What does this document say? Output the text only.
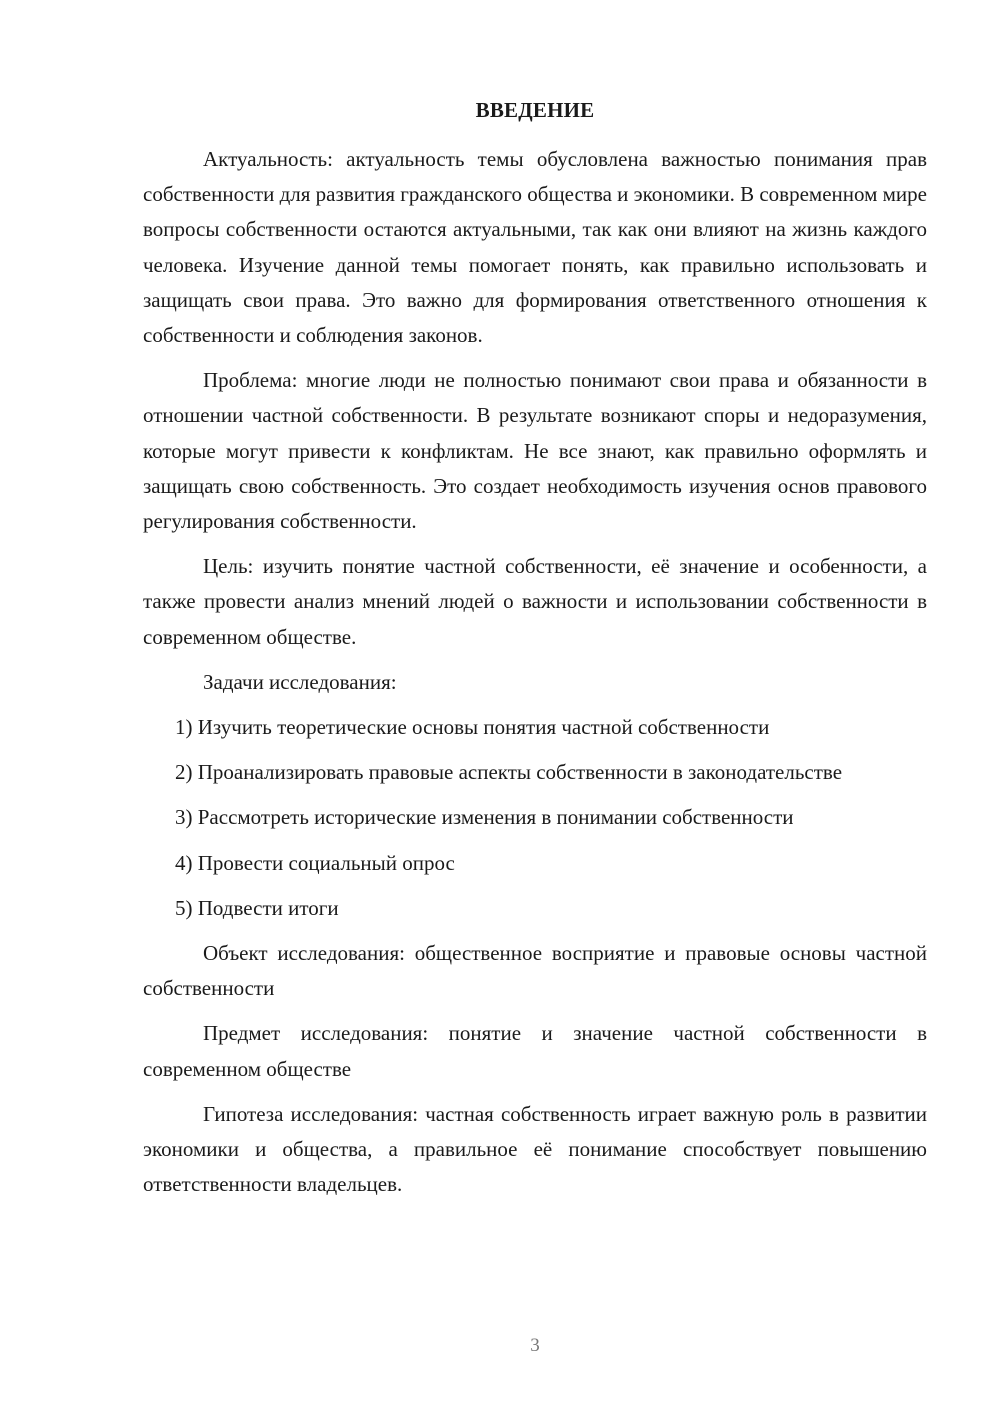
ВВЕДЕНИЕ

Актуальность: актуальность темы обусловлена важностью понимания прав собственности для развития гражданского общества и экономики. В современном мире вопросы собственности остаются актуальными, так как они влияют на жизнь каждого человека. Изучение данной темы помогает понять, как правильно использовать и защищать свои права. Это важно для формирования ответственного отношения к собственности и соблюдения законов.

Проблема: многие люди не полностью понимают свои права и обязанности в отношении частной собственности. В результате возникают споры и недоразумения, которые могут привести к конфликтам. Не все знают, как правильно оформлять и защищать свою собственность. Это создает необходимость изучения основ правового регулирования собственности.

Цель: изучить понятие частной собственности, её значение и особенности, а также провести анализ мнений людей о важности и использовании собственности в современном обществе.

Задачи исследования:

1) Изучить теоретические основы понятия частной собственности

2) Проанализировать правовые аспекты собственности в законодательстве

3) Рассмотреть исторические изменения в понимании собственности

4) Провести социальный опрос

5) Подвести итоги

Объект исследования: общественное восприятие и правовые основы частной собственности

Предмет исследования: понятие и значение частной собственности в современном обществе

Гипотеза исследования: частная собственность играет важную роль в развитии экономики и общества, а правильное её понимание способствует повышению ответственности владельцев.

3
